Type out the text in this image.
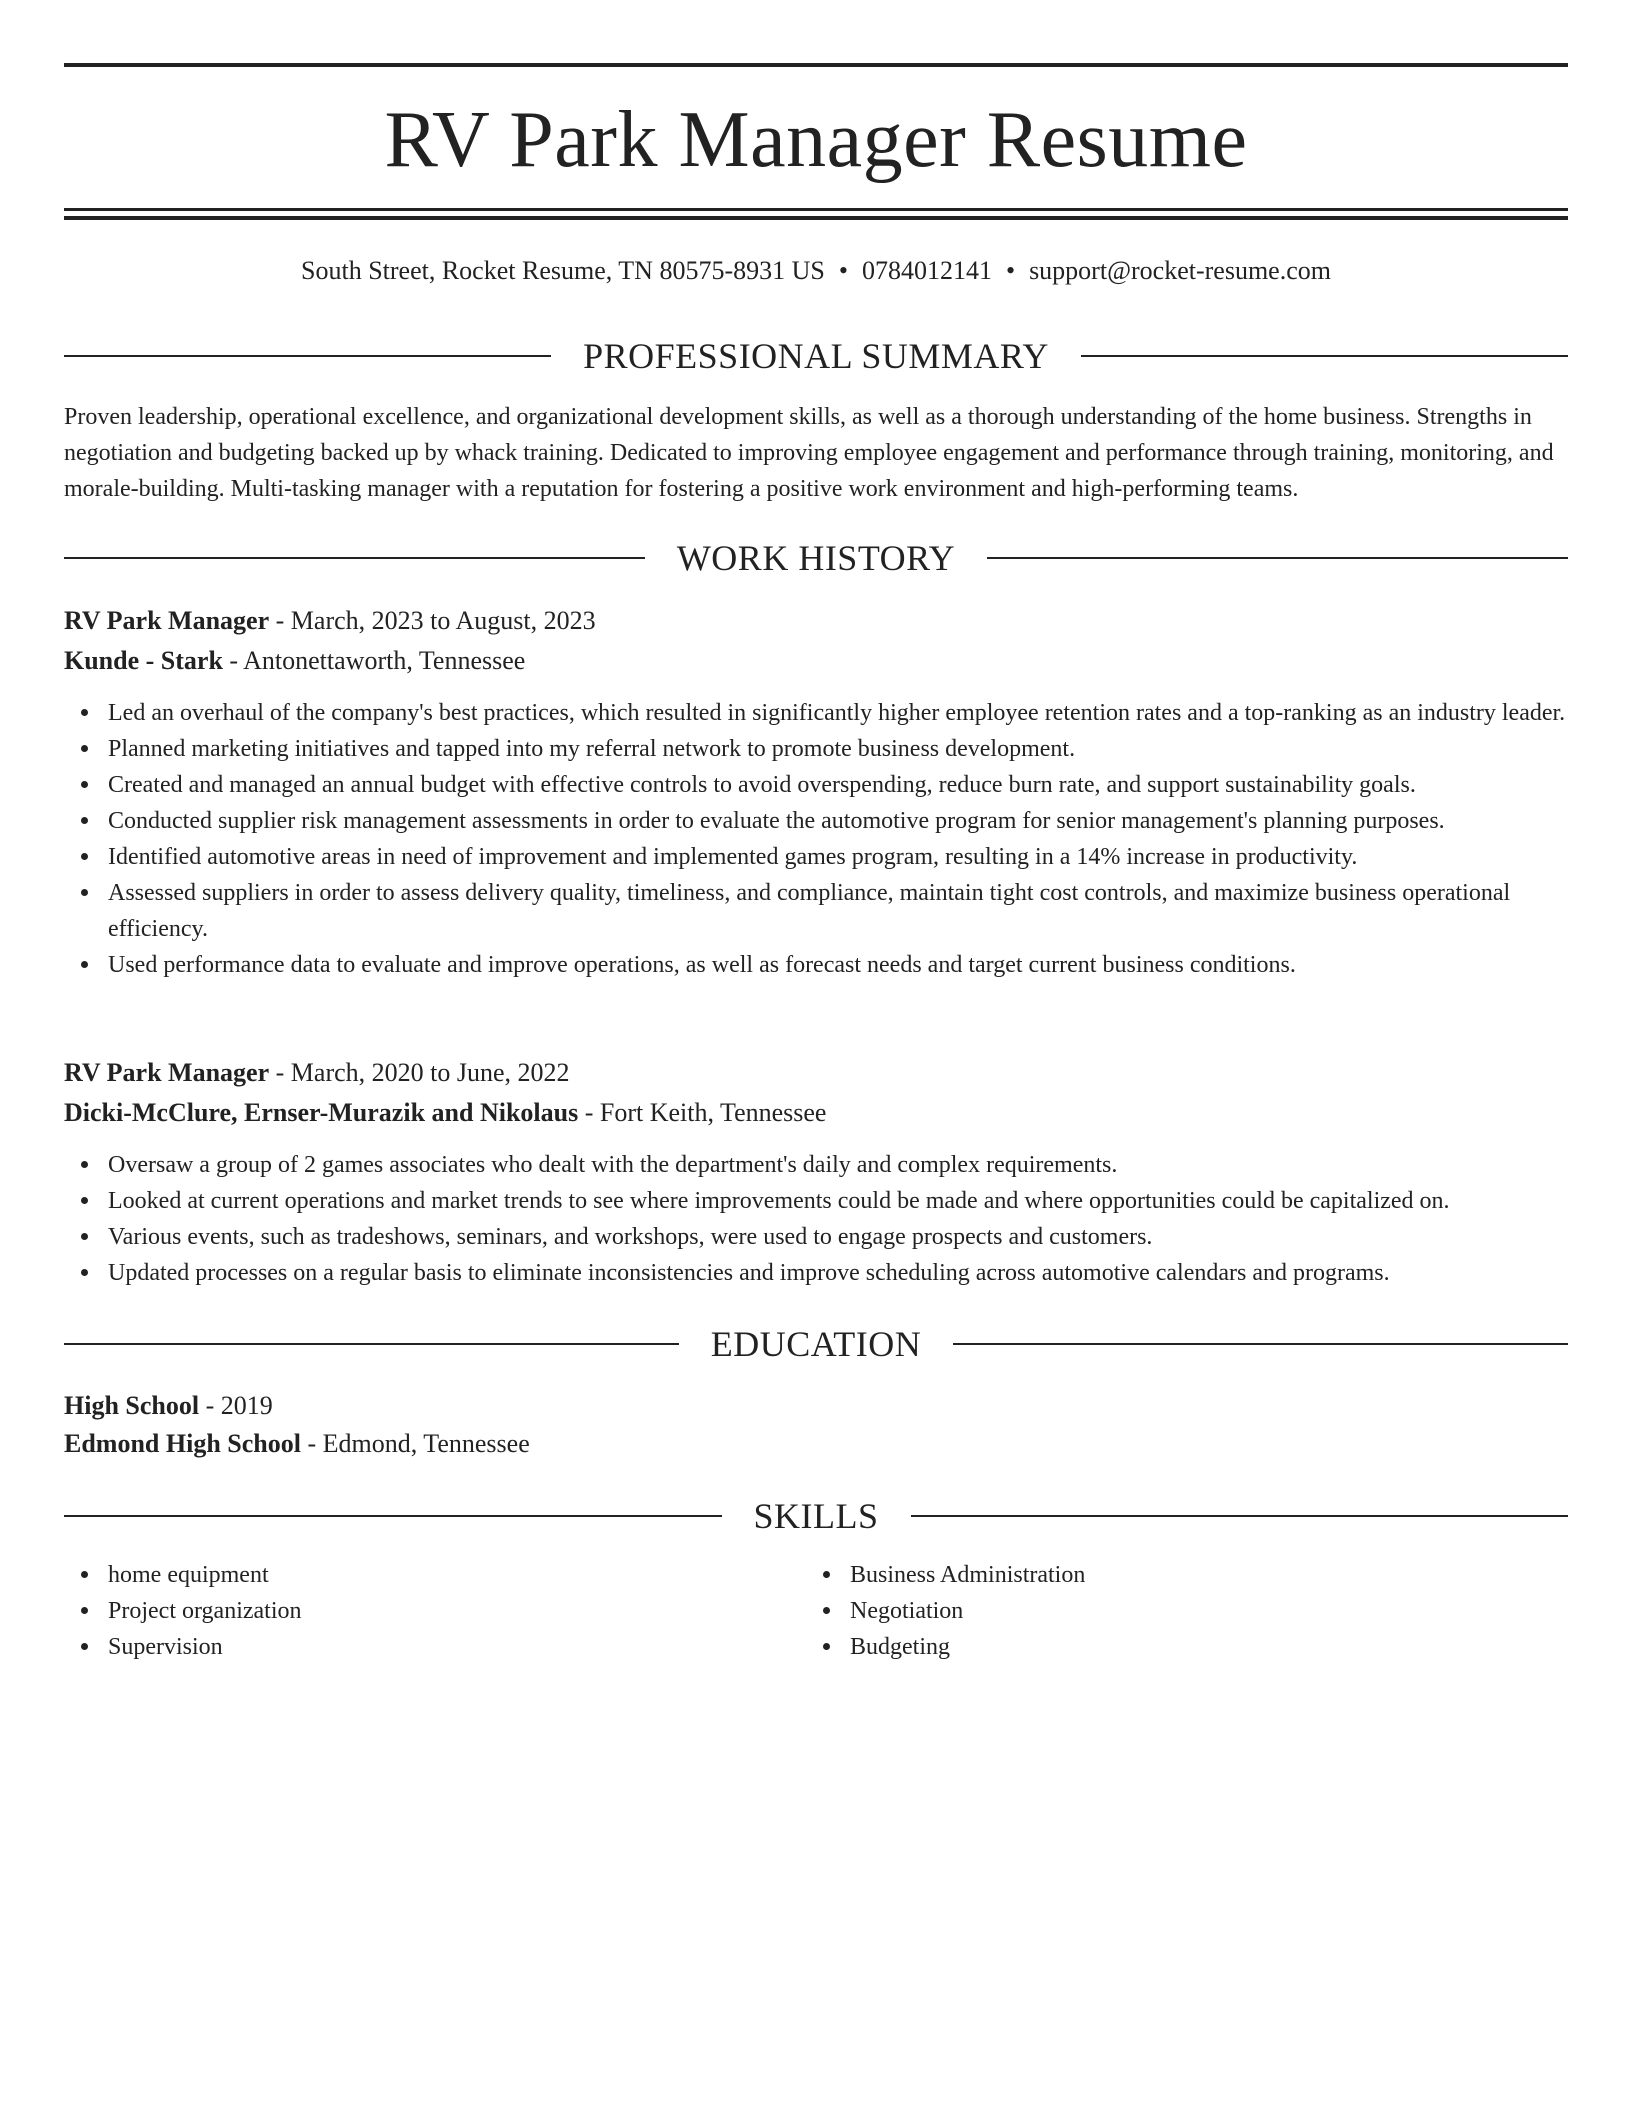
RV Park Manager Resume
South Street, Rocket Resume, TN 80575-8931 US • 0784012141 • support@rocket-resume.com
PROFESSIONAL SUMMARY

Proven leadership, operational excellence, and organizational development skills, as well as a thorough understanding of the home business. Strengths in negotiation and budgeting backed up by whack training. Dedicated to improving employee engagement and performance through training, monitoring, and morale-building. Multi-tasking manager with a reputation for fostering a positive work environment and high-performing teams.

WORK HISTORY
RV Park Manager - March, 2023 to August, 2023
Kunde - Stark - Antonettaworth, Tennessee
Led an overhaul of the company's best practices, which resulted in significantly higher employee retention rates and a top-ranking as an industry leader.
Planned marketing initiatives and tapped into my referral network to promote business development.
Created and managed an annual budget with effective controls to avoid overspending, reduce burn rate, and support sustainability goals.
Conducted supplier risk management assessments in order to evaluate the automotive program for senior management's planning purposes.
Identified automotive areas in need of improvement and implemented games program, resulting in a 14% increase in productivity.
Assessed suppliers in order to assess delivery quality, timeliness, and compliance, maintain tight cost controls, and maximize business operational efficiency.
Used performance data to evaluate and improve operations, as well as forecast needs and target current business conditions.
RV Park Manager - March, 2020 to June, 2022
Dicki-McClure, Ernser-Murazik and Nikolaus - Fort Keith, Tennessee
Oversaw a group of 2 games associates who dealt with the department's daily and complex requirements.
Looked at current operations and market trends to see where improvements could be made and where opportunities could be capitalized on.
Various events, such as tradeshows, seminars, and workshops, were used to engage prospects and customers.
Updated processes on a regular basis to eliminate inconsistencies and improve scheduling across automotive calendars and programs.
EDUCATION
High School - 2019
Edmond High School - Edmond, Tennessee
SKILLS
home equipment
Project organization
Supervision
Business Administration
Negotiation
Budgeting
